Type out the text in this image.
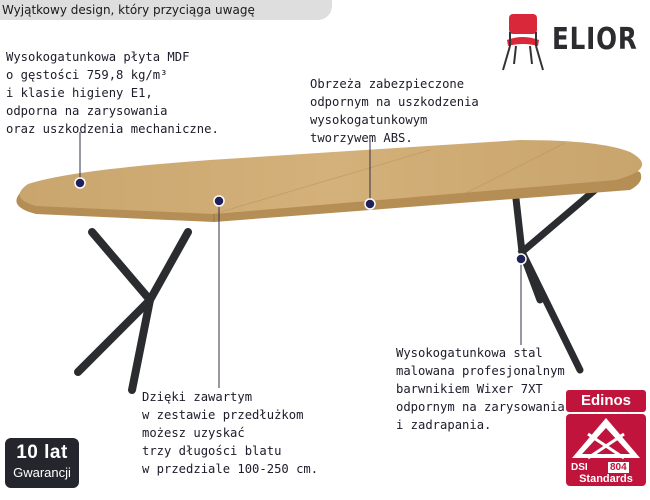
Wyjątkowy design, który przyciąga uwagę
Wysokogatunkowa płyta MDF
o gęstości 759,8 kg/m³
i klasie higieny E1,
odporna na zarysowania
oraz uszkodzenia mechaniczne.
Obrzeża zabezpieczone
odpornym na uszkodzenia
wysokogatunkowym
tworzywem ABS.
Wysokogatunkowa stal
malowana profesjonalnym
barwnikiem Wixer 7XT
odpornym na zarysowania
i zadrapania.
Dzięki zawartym
w zestawie przedłużkom
możesz uzyskać
trzy długości blatu
w przedziale 100-250 cm.
ELIOR
10 lat
Gwarancji
Edinos
DSI 804
Standards
